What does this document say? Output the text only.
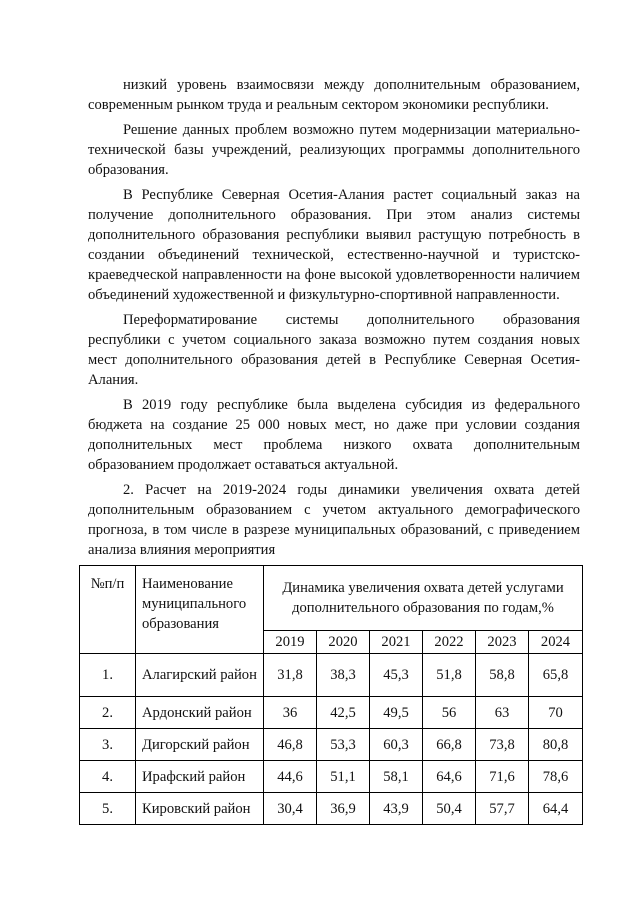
низкий уровень взаимосвязи между дополнительным образованием, современным рынком труда и реальным сектором экономики республики.

Решение данных проблем возможно путем модернизации материально-технической базы учреждений, реализующих программы дополнительного образования.

В Республике Северная Осетия-Алания растет социальный заказ на получение дополнительного образования. При этом анализ системы дополнительного образования республики выявил растущую потребность в создании объединений технической, естественно-научной и туристско-краеведческой направленности на фоне высокой удовлетворенности наличием объединений художественной и физкультурно-спортивной направленности.

Переформатирование системы дополнительного образования республики с учетом социального заказа возможно путем создания новых мест дополнительного образования детей в Республике Северная Осетия-Алания.

В 2019 году республике была выделена субсидия из федерального бюджета на создание 25 000 новых мест, но даже при условии создания дополнительных мест проблема низкого охвата дополнительным образованием продолжает оставаться актуальной.

2. Расчет на 2019-2024 годы динамики увеличения охвата детей дополнительным образованием с учетом актуального демографического прогноза, в том числе в разрезе муниципальных образований, с приведением анализа влияния мероприятия

№п/п	Наименование муниципального образования	Динамика увеличения охвата детей услугами дополнительного образования по годам,%					
		2019	2020	2021	2022	2023	2024
1.	Алагирский район	31,8	38,3	45,3	51,8	58,8	65,8
2.	Ардонский район	36	42,5	49,5	56	63	70
3.	Дигорский район	46,8	53,3	60,3	66,8	73,8	80,8
4.	Ирафский район	44,6	51,1	58,1	64,6	71,6	78,6
5.	Кировский район	30,4	36,9	43,9	50,4	57,7	64,4
